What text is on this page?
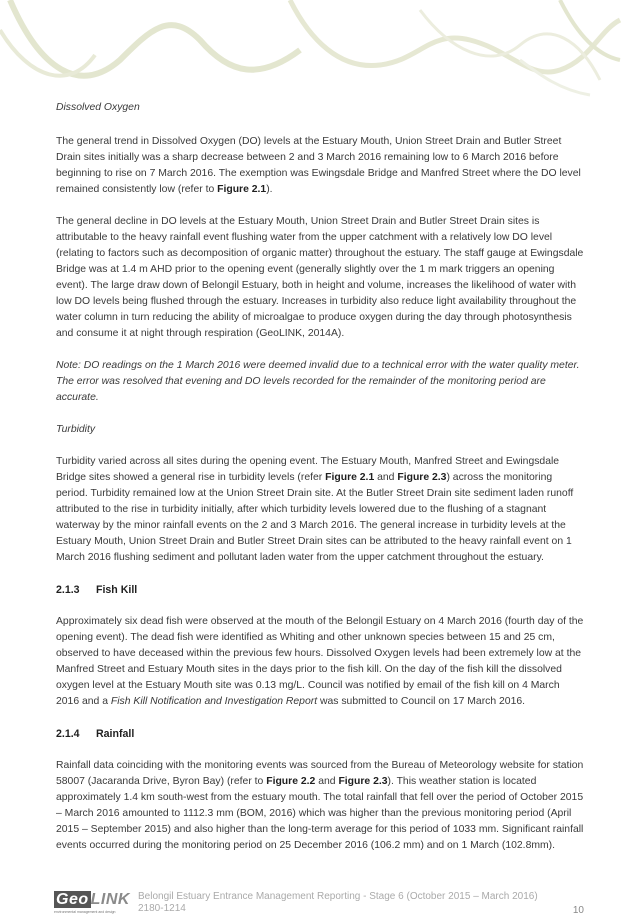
Dissolved Oxygen

The general trend in Dissolved Oxygen (DO) levels at the Estuary Mouth, Union Street Drain and Butler Street Drain sites initially was a sharp decrease between 2 and 3 March 2016 remaining low to 6 March 2016 before beginning to rise on 7 March 2016. The exemption was Ewingsdale Bridge and Manfred Street where the DO level remained consistently low (refer to Figure 2.1).

The general decline in DO levels at the Estuary Mouth, Union Street Drain and Butler Street Drain sites is attributable to the heavy rainfall event flushing water from the upper catchment with a relatively low DO level (relating to factors such as decomposition of organic matter) throughout the estuary. The staff gauge at Ewingsdale Bridge was at 1.4 m AHD prior to the opening event (generally slightly over the 1 m mark triggers an opening event). The large draw down of Belongil Estuary, both in height and volume, increases the likelihood of water with low DO levels being flushed through the estuary. Increases in turbidity also reduce light availability throughout the water column in turn reducing the ability of microalgae to produce oxygen during the day through photosynthesis and consume it at night through respiration (GeoLINK, 2014A).

Note: DO readings on the 1 March 2016 were deemed invalid due to a technical error with the water quality meter. The error was resolved that evening and DO levels recorded for the remainder of the monitoring period are accurate.

Turbidity

Turbidity varied across all sites during the opening event. The Estuary Mouth, Manfred Street and Ewingsdale Bridge sites showed a general rise in turbidity levels (refer Figure 2.1 and Figure 2.3) across the monitoring period. Turbidity remained low at the Union Street Drain site. At the Butler Street Drain site sediment laden runoff attributed to the rise in turbidity initially, after which turbidity levels lowered due to the flushing of a stagnant waterway by the minor rainfall events on the 2 and 3 March 2016. The general increase in turbidity levels at the Estuary Mouth, Union Street Drain and Butler Street Drain sites can be attributed to the heavy rainfall event on 1 March 2016 flushing sediment and pollutant laden water from the upper catchment throughout the estuary.

2.1.3 Fish Kill

Approximately six dead fish were observed at the mouth of the Belongil Estuary on 4 March 2016 (fourth day of the opening event). The dead fish were identified as Whiting and other unknown species between 15 and 25 cm, observed to have deceased within the previous few hours. Dissolved Oxygen levels had been extremely low at the Manfred Street and Estuary Mouth sites in the days prior to the fish kill. On the day of the fish kill the dissolved oxygen level at the Estuary Mouth site was 0.13 mg/L. Council was notified by email of the fish kill on 4 March 2016 and a Fish Kill Notification and Investigation Report was submitted to Council on 17 March 2016.

2.1.4 Rainfall

Rainfall data coinciding with the monitoring events was sourced from the Bureau of Meteorology website for station 58007 (Jacaranda Drive, Byron Bay) (refer to Figure 2.2 and Figure 2.3). This weather station is located approximately 1.4 km south-west from the estuary mouth. The total rainfall that fell over the period of October 2015 – March 2016 amounted to 1112.3 mm (BOM, 2016) which was higher than the previous monitoring period (April 2015 – September 2015) and also higher than the long-term average for this period of 1033 mm. Significant rainfall events occurred during the monitoring period on 25 December 2016 (106.2 mm) and on 1 March (102.8mm).

Geo LINK
environmental management and design
Belongil Estuary Entrance Management Reporting - Stage 6 (October 2015 – March 2016)
2180-1214	10
